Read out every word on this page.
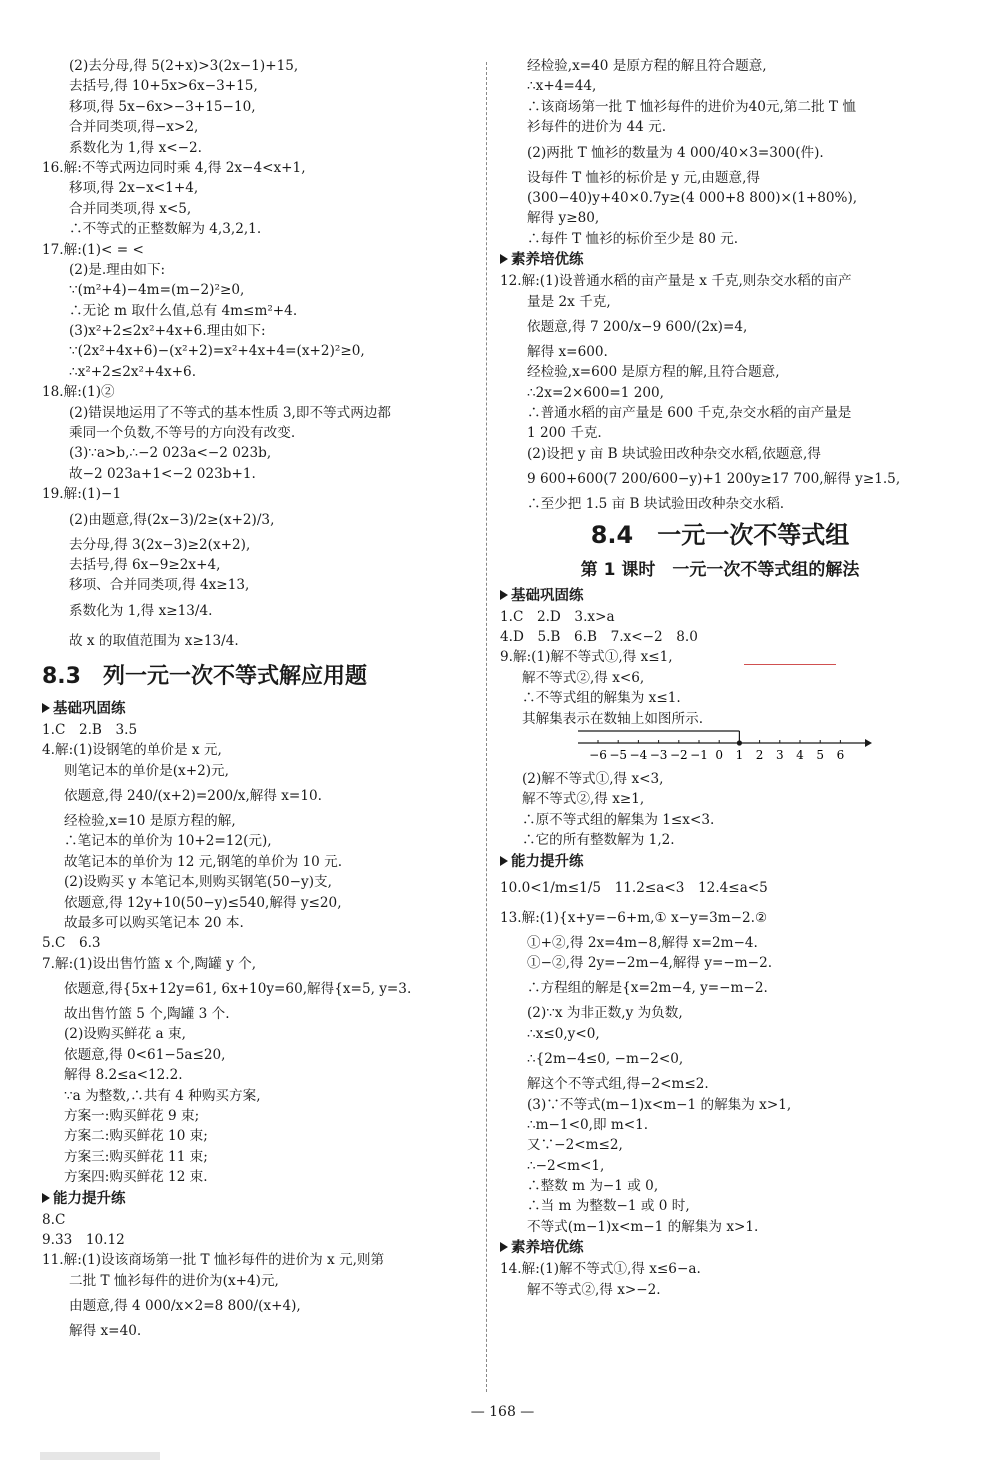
(2)去分母,得 5(2+x)>3(2x−1)+15,
去括号,得 10+5x>6x−3+15,
移项,得 5x−6x>−3+15−10,
合并同类项,得−x>2,
系数化为 1,得 x<−2.
16.解:不等式两边同时乘 4,得 2x−4<x+1,
移项,得 2x−x<1+4,
合并同类项,得 x<5,
∴不等式的正整数解为 4,3,2,1.
17.解:(1)< = <
(2)是.理由如下:
∵(m²+4)−4m=(m−2)²≥0,
∴无论 m 取什么值,总有 4m≤m²+4.
(3)x²+2≤2x²+4x+6.理由如下:
∵(2x²+4x+6)−(x²+2)=x²+4x+4=(x+2)²≥0,
∴x²+2≤2x²+4x+6.
18.解:(1)②
(2)错误地运用了不等式的基本性质 3,即不等式两边都
乘同一个负数,不等号的方向没有改变.
(3)∵a>b,∴−2 023a<−2 023b,
故−2 023a+1<−2 023b+1.
19.解:(1)−1
(2)由题意,得(2x−3)/2≥(x+2)/3,
去分母,得 3(2x−3)≥2(x+2),
去括号,得 6x−9≥2x+4,
移项、合并同类项,得 4x≥13,
系数化为 1,得 x≥13/4.
故 x 的取值范围为 x≥13/4.
8.3　列一元一次不等式解应用题
基础巩固练
1.C　2.B　3.5
4.解:(1)设钢笔的单价是 x 元,
则笔记本的单价是(x+2)元,
依题意,得 240/(x+2)=200/x,解得 x=10.
经检验,x=10 是原方程的解,
∴笔记本的单价为 10+2=12(元),
故笔记本的单价为 12 元,钢笔的单价为 10 元.
(2)设购买 y 本笔记本,则购买钢笔(50−y)支,
依题意,得 12y+10(50−y)≤540,解得 y≤20,
故最多可以购买笔记本 20 本.
5.C　6.3
7.解:(1)设出售竹篮 x 个,陶罐 y 个,
依题意,得{5x+12y=61, 6x+10y=60,解得{x=5, y=3.
故出售竹篮 5 个,陶罐 3 个.
(2)设购买鲜花 a 束,
依题意,得 0<61−5a≤20,
解得 8.2≤a<12.2.
∵a 为整数,∴共有 4 种购买方案,
方案一:购买鲜花 9 束;
方案二:购买鲜花 10 束;
方案三:购买鲜花 11 束;
方案四:购买鲜花 12 束.
能力提升练
8.C
9.33　10.12
11.解:(1)设该商场第一批 T 恤衫每件的进价为 x 元,则第
二批 T 恤衫每件的进价为(x+4)元,
由题意,得 4 000/x×2=8 800/(x+4),
解得 x=40.
经检验,x=40 是原方程的解且符合题意,
∴x+4=44,
∴该商场第一批 T 恤衫每件的进价为40元,第二批 T 恤
衫每件的进价为 44 元.
(2)两批 T 恤衫的数量为 4 000/40×3=300(件).
设每件 T 恤衫的标价是 y 元,由题意,得
(300−40)y+40×0.7y≥(4 000+8 800)×(1+80%),
解得 y≥80,
∴每件 T 恤衫的标价至少是 80 元.
素养培优练
12.解:(1)设普通水稻的亩产量是 x 千克,则杂交水稻的亩产
量是 2x 千克,
依题意,得 7 200/x−9 600/(2x)=4,
解得 x=600.
经检验,x=600 是原方程的解,且符合题意,
∴2x=2×600=1 200,
∴普通水稻的亩产量是 600 千克,杂交水稻的亩产量是
1 200 千克.
(2)设把 y 亩 B 块试验田改种杂交水稻,依题意,得
9 600+600(7 200/600−y)+1 200y≥17 700,解得 y≥1.5,
∴至少把 1.5 亩 B 块试验田改种杂交水稻.
8.4　一元一次不等式组
第 1 课时　一元一次不等式组的解法
基础巩固练
1.C　2.D　3.x>a
4.D　5.B　6.B　7.x<−2　8.0
9.解:(1)解不等式①,得 x≤1,
解不等式②,得 x<6,
∴不等式组的解集为 x≤1.
其解集表示在数轴上如图所示.
−6 −5 −4 −3 −2 −1 0 1 2 3 4 5 6
(2)解不等式①,得 x<3,
解不等式②,得 x≥1,
∴原不等式组的解集为 1≤x<3.
∴它的所有整数解为 1,2.
能力提升练
10.0<1/m≤1/5　11.2≤a<3　12.4≤a<5
13.解:(1){x+y=−6+m,① x−y=3m−2.②
①+②,得 2x=4m−8,解得 x=2m−4.
①−②,得 2y=−2m−4,解得 y=−m−2.
∴方程组的解是{x=2m−4, y=−m−2.
(2)∵x 为非正数,y 为负数,
∴x≤0,y<0,
∴{2m−4≤0, −m−2<0,
解这个不等式组,得−2<m≤2.
(3)∵不等式(m−1)x<m−1 的解集为 x>1,
∴m−1<0,即 m<1.
又∵−2<m≤2,
∴−2<m<1,
∴整数 m 为−1 或 0,
∴当 m 为整数−1 或 0 时,
不等式(m−1)x<m−1 的解集为 x>1.
素养培优练
14.解:(1)解不等式①,得 x≤6−a.
解不等式②,得 x>−2.
— 168 —
